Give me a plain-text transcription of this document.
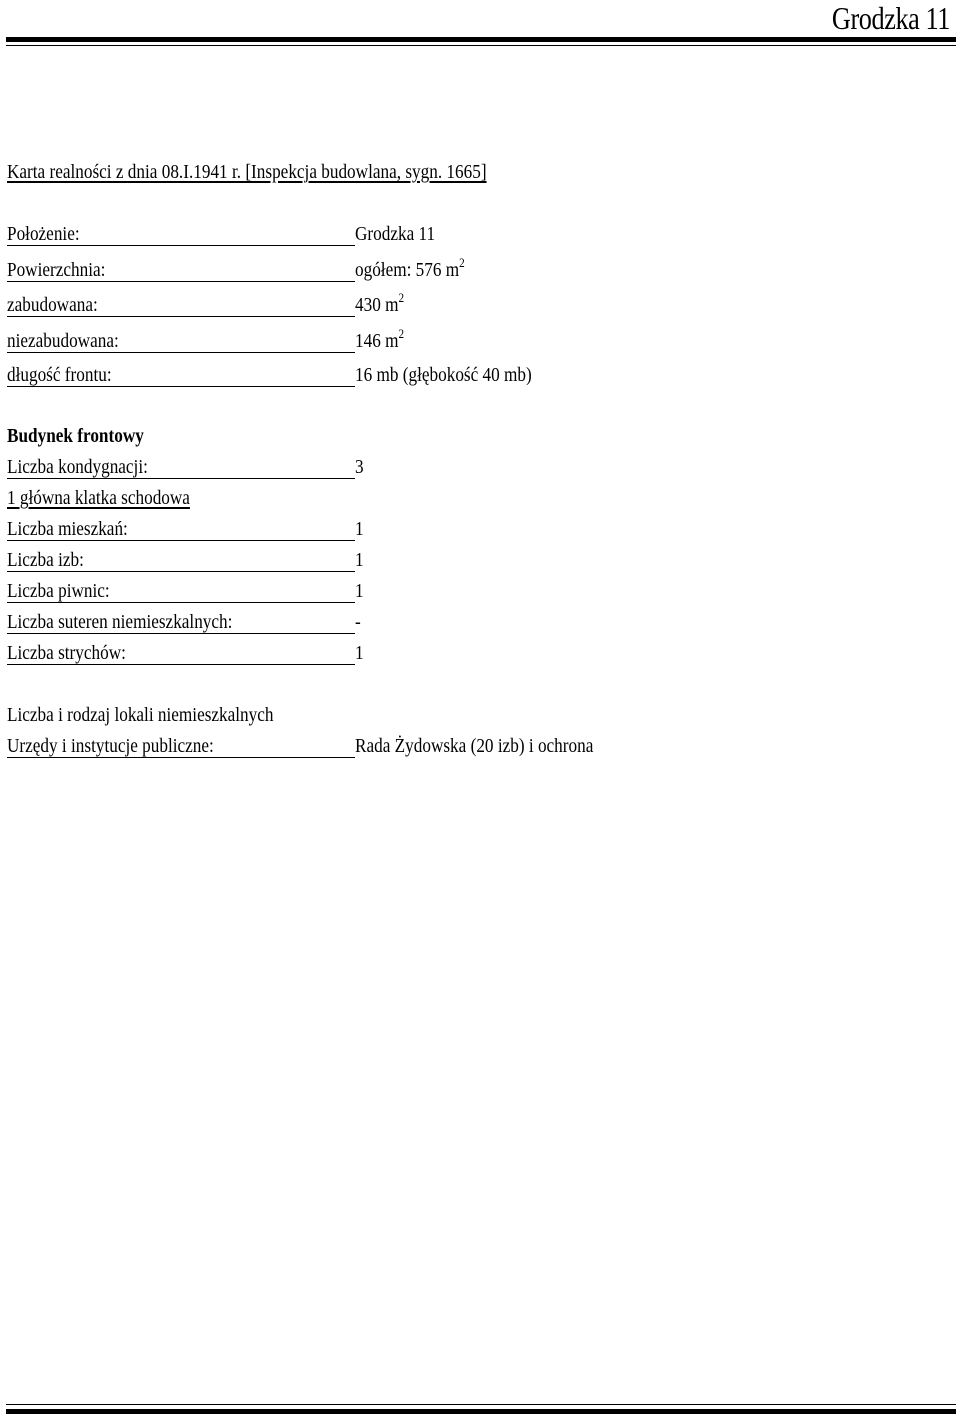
Grodzka 11
Karta realności z dnia 08.I.1941 r. [Inspekcja budowlana, sygn. 1665]
Położenie:	Grodzka 11
Powierzchnia:	ogółem: 576 $m^2$
zabudowana:	430 $m^2$
niezabudowana:	146 $m^2$
długość frontu:	16 mb (głębokość 40 mb)
Budynek frontowy
Liczba kondygnacji:	3
1 główna klatka schodowa
Liczba mieszkań:	1
Liczba izb:	1
Liczba piwnic:	1
Liczba suteren niemieszkalnych:	-
Liczba strychów:	1
Liczba i rodzaj lokali niemieszkalnych
Urzędy i instytucje publiczne:	Rada Żydowska (20 izb) i ochrona
